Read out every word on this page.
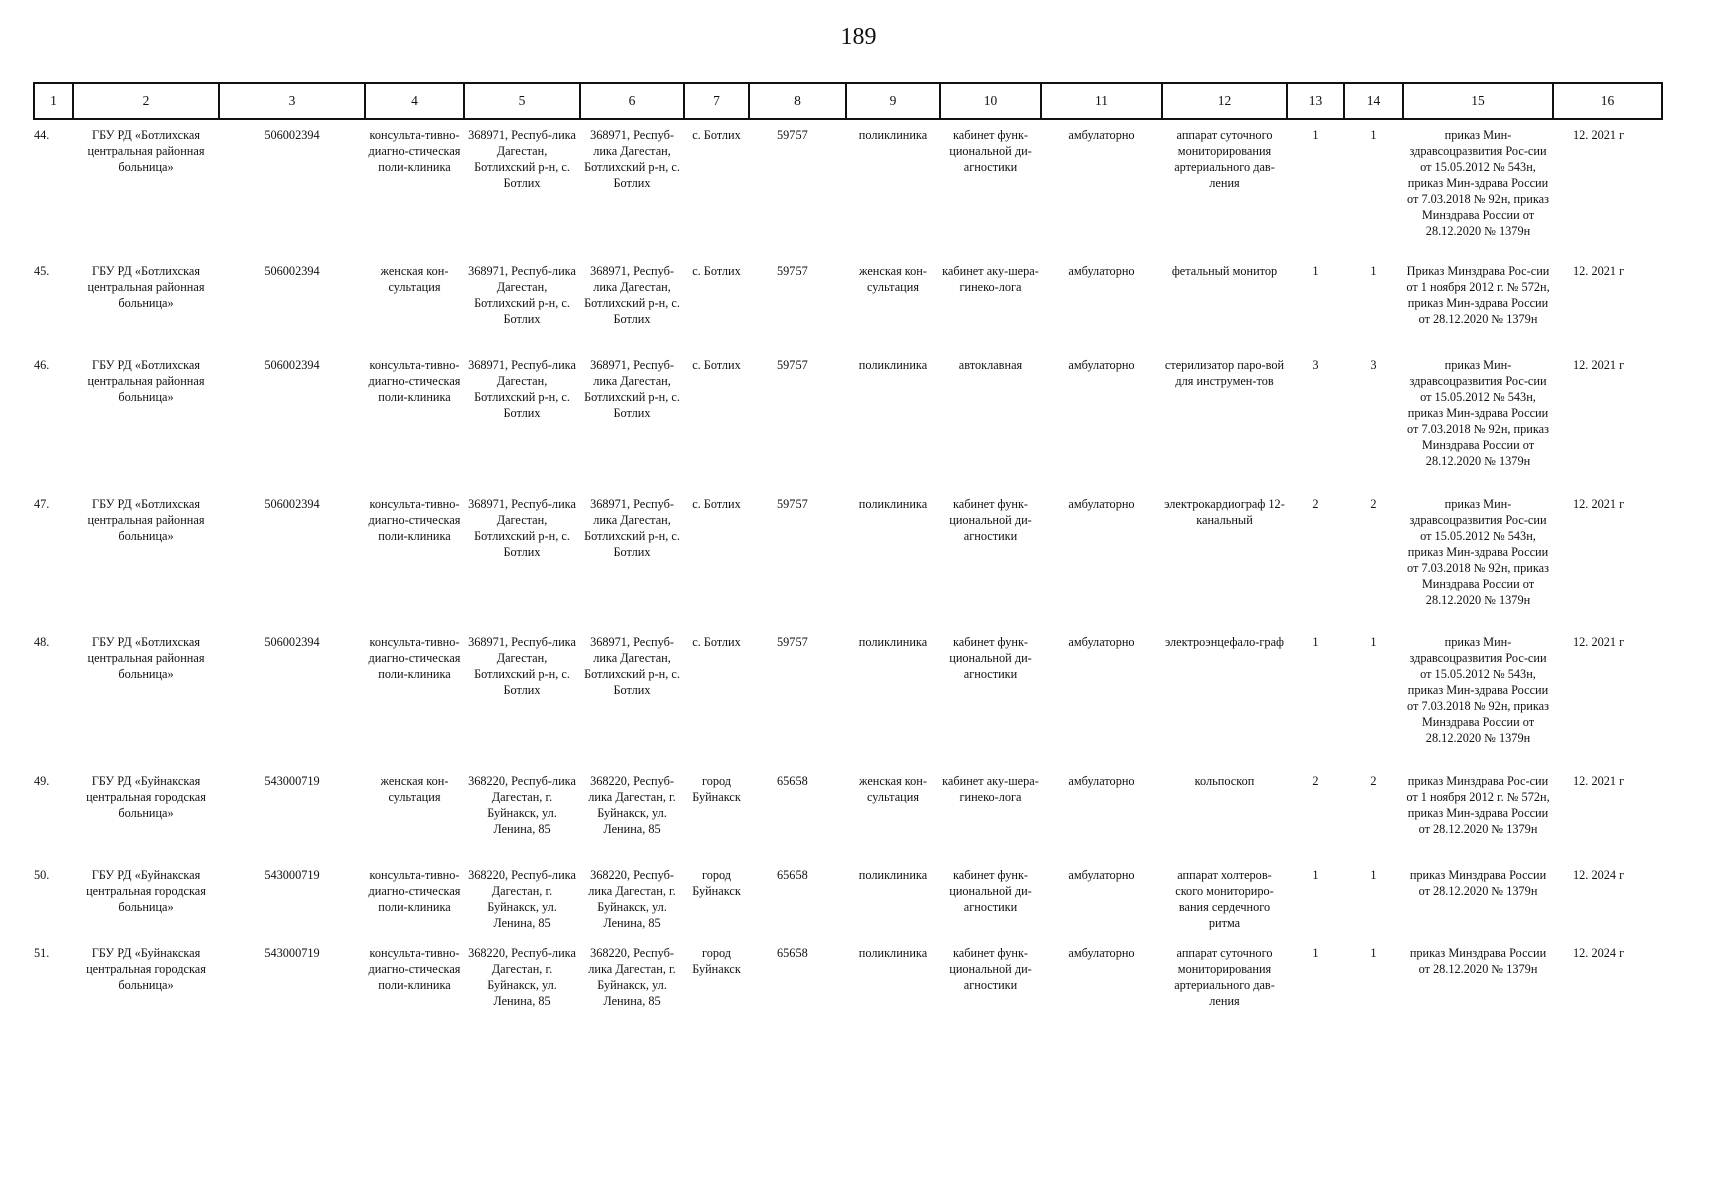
189
1	2	3	4	5	6	7	8	9	10	11	12	13	14	15	16
44.	ГБУ РД «Ботлихская центральная районная больница»	506002394	консульта-тивно-диагно-стическая поли-клиника	368971, Респуб-лика Дагестан, Ботлихский р-н, с. Ботлих	368971, Респуб-лика Дагестан, Ботлихский р-н, с. Ботлих	с. Ботлих	59757	поликлиника	кабинет функ-циональной ди-агностики	амбулаторно	аппарат суточного мониторирования артериального дав-ления	1	1	приказ Мин-здравсоцразвития Рос-сии от 15.05.2012 № 543н, приказ Мин-здрава России от 7.03.2018 № 92н, приказ Минздрава России от 28.12.2020 № 1379н	12. 2021 г
45.	ГБУ РД «Ботлихская центральная районная больница»	506002394	женская кон-сультация	368971, Респуб-лика Дагестан, Ботлихский р-н, с. Ботлих	368971, Респуб-лика Дагестан, Ботлихский р-н, с. Ботлих	с. Ботлих	59757	женская кон-сультация	кабинет аку-шера-гинеко-лога	амбулаторно	фетальный монитор	1	1	Приказ Минздрава Рос-сии от 1 ноября 2012 г. № 572н, приказ Мин-здрава России от 28.12.2020 № 1379н	12. 2021 г
46.	ГБУ РД «Ботлихская центральная районная больница»	506002394	консульта-тивно-диагно-стическая поли-клиника	368971, Респуб-лика Дагестан, Ботлихский р-н, с. Ботлих	368971, Респуб-лика Дагестан, Ботлихский р-н, с. Ботлих	с. Ботлих	59757	поликлиника	автоклавная	амбулаторно	стерилизатор паро-вой для инструмен-тов	3	3	приказ Мин-здравсоцразвития Рос-сии от 15.05.2012 № 543н, приказ Мин-здрава России от 7.03.2018 № 92н, приказ Минздрава России от 28.12.2020 № 1379н	12. 2021 г
47.	ГБУ РД «Ботлихская центральная районная больница»	506002394	консульта-тивно-диагно-стическая поли-клиника	368971, Респуб-лика Дагестан, Ботлихский р-н, с. Ботлих	368971, Респуб-лика Дагестан, Ботлихский р-н, с. Ботлих	с. Ботлих	59757	поликлиника	кабинет функ-циональной ди-агностики	амбулаторно	электрокардиограф 12-канальный	2	2	приказ Мин-здравсоцразвития Рос-сии от 15.05.2012 № 543н, приказ Мин-здрава России от 7.03.2018 № 92н, приказ Минздрава России от 28.12.2020 № 1379н	12. 2021 г
48.	ГБУ РД «Ботлихская центральная районная больница»	506002394	консульта-тивно-диагно-стическая поли-клиника	368971, Респуб-лика Дагестан, Ботлихский р-н, с. Ботлих	368971, Респуб-лика Дагестан, Ботлихский р-н, с. Ботлих	с. Ботлих	59757	поликлиника	кабинет функ-циональной ди-агностики	амбулаторно	электроэнцефало-граф	1	1	приказ Мин-здравсоцразвития Рос-сии от 15.05.2012 № 543н, приказ Мин-здрава России от 7.03.2018 № 92н, приказ Минздрава России от 28.12.2020 № 1379н	12. 2021 г
49.	ГБУ РД «Буйнакская центральная городская больница»	543000719	женская кон-сультация	368220, Респуб-лика Дагестан, г. Буйнакск, ул. Ленина, 85	368220, Респуб-лика Дагестан, г. Буйнакск, ул. Ленина, 85	город Буйнакск	65658	женская кон-сультация	кабинет аку-шера-гинеко-лога	амбулаторно	кольпоскоп	2	2	приказ Минздрава Рос-сии от 1 ноября 2012 г. № 572н, приказ Мин-здрава России от 28.12.2020 № 1379н	12. 2021 г
50.	ГБУ РД «Буйнакская центральная городская больница»	543000719	консульта-тивно-диагно-стическая поли-клиника	368220, Респуб-лика Дагестан, г. Буйнакск, ул. Ленина, 85	368220, Респуб-лика Дагестан, г. Буйнакск, ул. Ленина, 85	город Буйнакск	65658	поликлиника	кабинет функ-циональной ди-агностики	амбулаторно	аппарат холтеров-ского мониториро-вания сердечного ритма	1	1	приказ Минздрава России от 28.12.2020 № 1379н	12. 2024 г
51.	ГБУ РД «Буйнакская центральная городская больница»	543000719	консульта-тивно-диагно-стическая поли-клиника	368220, Респуб-лика Дагестан, г. Буйнакск, ул. Ленина, 85	368220, Респуб-лика Дагестан, г. Буйнакск, ул. Ленина, 85	город Буйнакск	65658	поликлиника	кабинет функ-циональной ди-агностики	амбулаторно	аппарат суточного мониторирования артериального дав-ления	1	1	приказ Минздрава России от 28.12.2020 № 1379н	12. 2024 г
